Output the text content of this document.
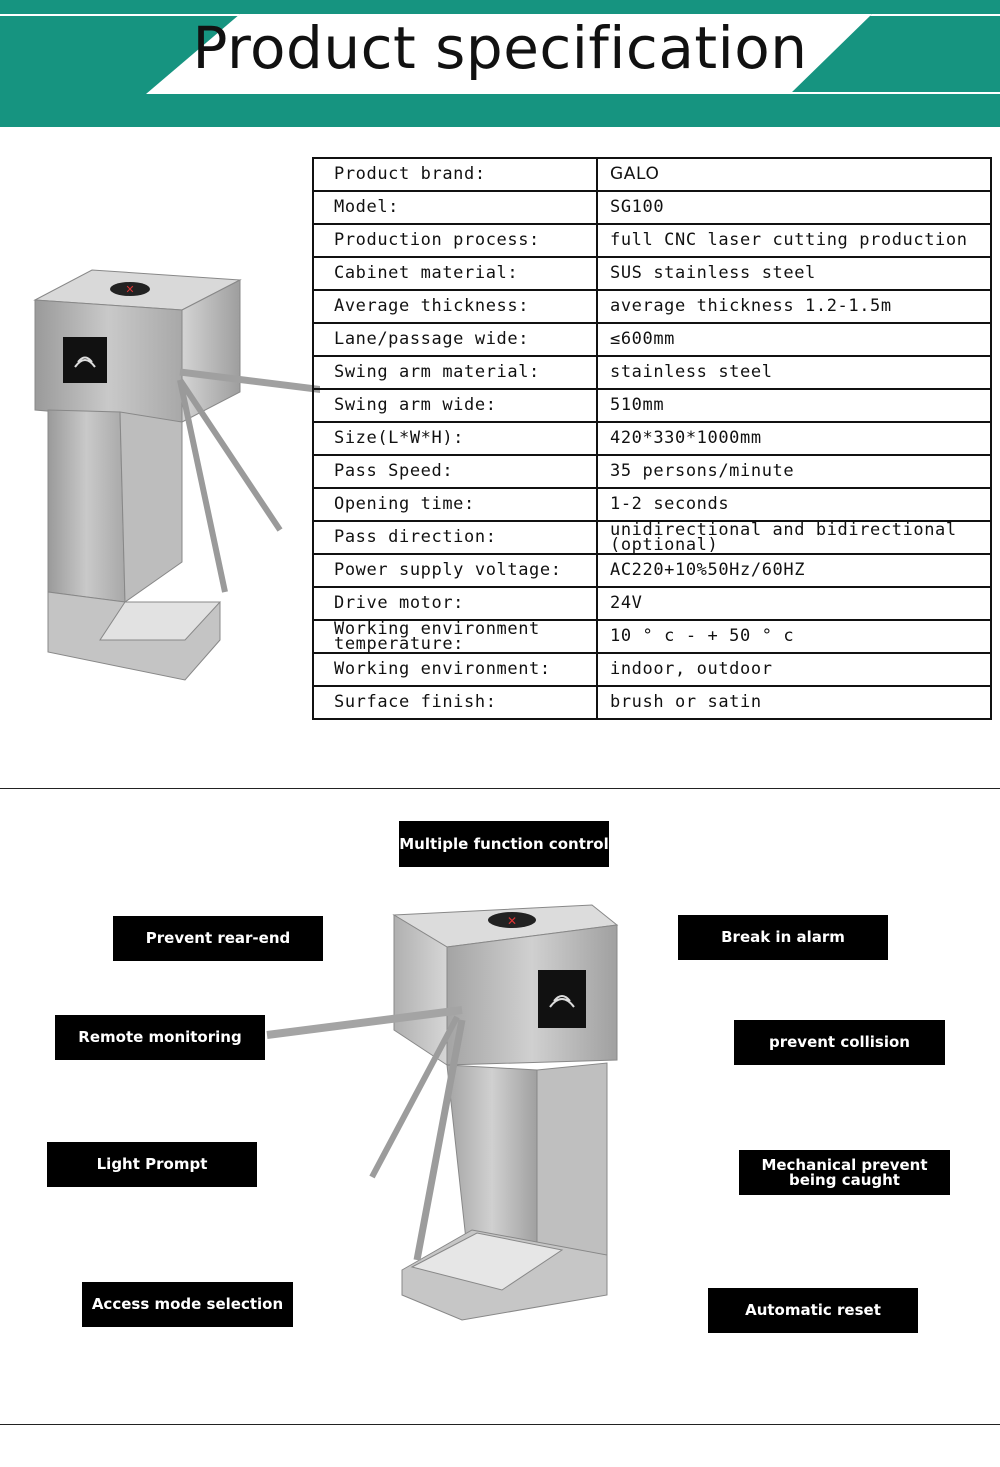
Product specification
✕
Product brand:	GALO
Model:	SG100
Production process:	full CNC laser cutting production
Cabinet material:	SUS stainless steel
Average thickness:	average thickness 1.2-1.5m
Lane/passage wide:	≤600mm
Swing arm material:	stainless steel
Swing arm wide:	510mm
Size(L*W*H):	420*330*1000mm
Pass Speed:	35 persons/minute
Opening time:	1-2 seconds
Pass direction:	unidirectional and bidirectional (optional)
Power supply voltage:	AC220+10%50Hz/60HZ
Drive motor:	24V
Working environment temperature:	10 ° c - + 50 ° c
Working environment:	indoor, outdoor
Surface finish:	brush or satin
Multiple function control
Prevent rear-end
Remote monitoring
Light Prompt
Access mode selection
Break in alarm
prevent collision
Mechanical prevent being caught
Automatic reset
✕
